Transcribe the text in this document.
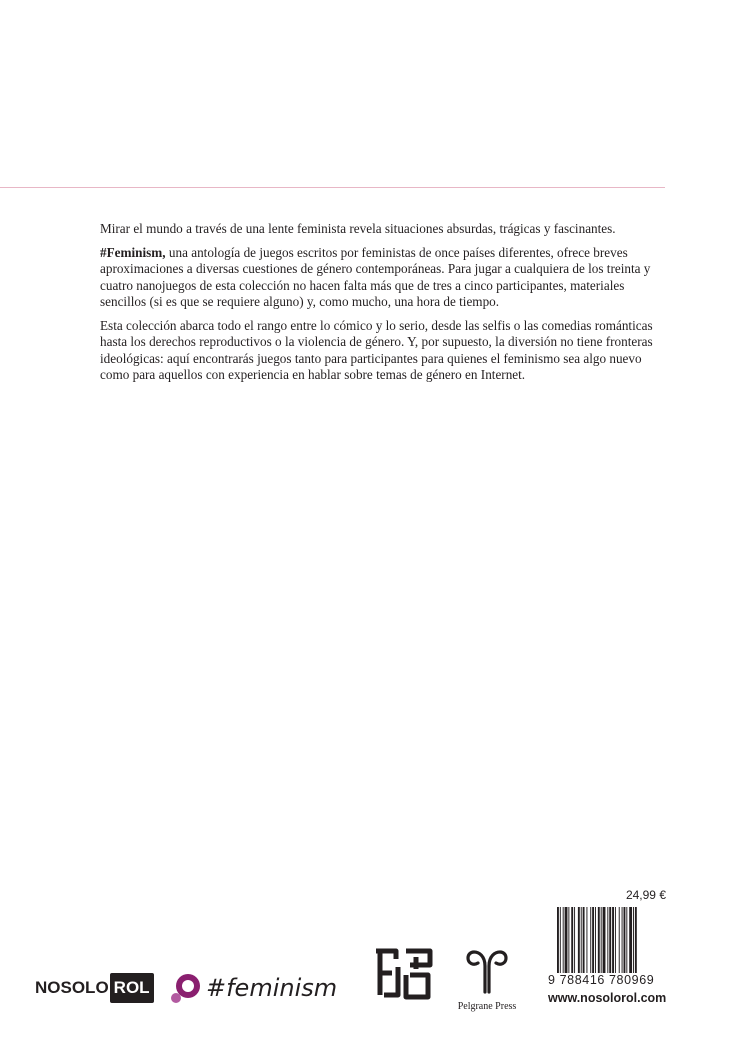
Mirar el mundo a través de una lente feminista revela situaciones absurdas, trágicas y fascinantes.

#Feminism, una antología de juegos escritos por feministas de once países diferentes, ofrece breves aproximaciones a diversas cuestiones de género contemporáneas. Para jugar a cualquiera de los treinta y cuatro nanojuegos de esta colección no hacen falta más que de tres a cinco participantes, materiales sencillos (si es que se requiere alguno) y, como mucho, una hora de tiempo.

Esta colección abarca todo el rango entre lo cómico y lo serio, desde las selfis o las comedias románticas hasta los derechos reproductivos o la violencia de género. Y, por supuesto, la diversión no tiene fronteras ideológicas: aquí encontrarás juegos tanto para participantes para quienes el feminismo sea algo nuevo como para aquellos con experiencia en hablar sobre temas de género en Internet.

24,99 €
9 788416 780969
www.nosolorol.com
NOSOLO ROL #feminism
Pelgrane Press
